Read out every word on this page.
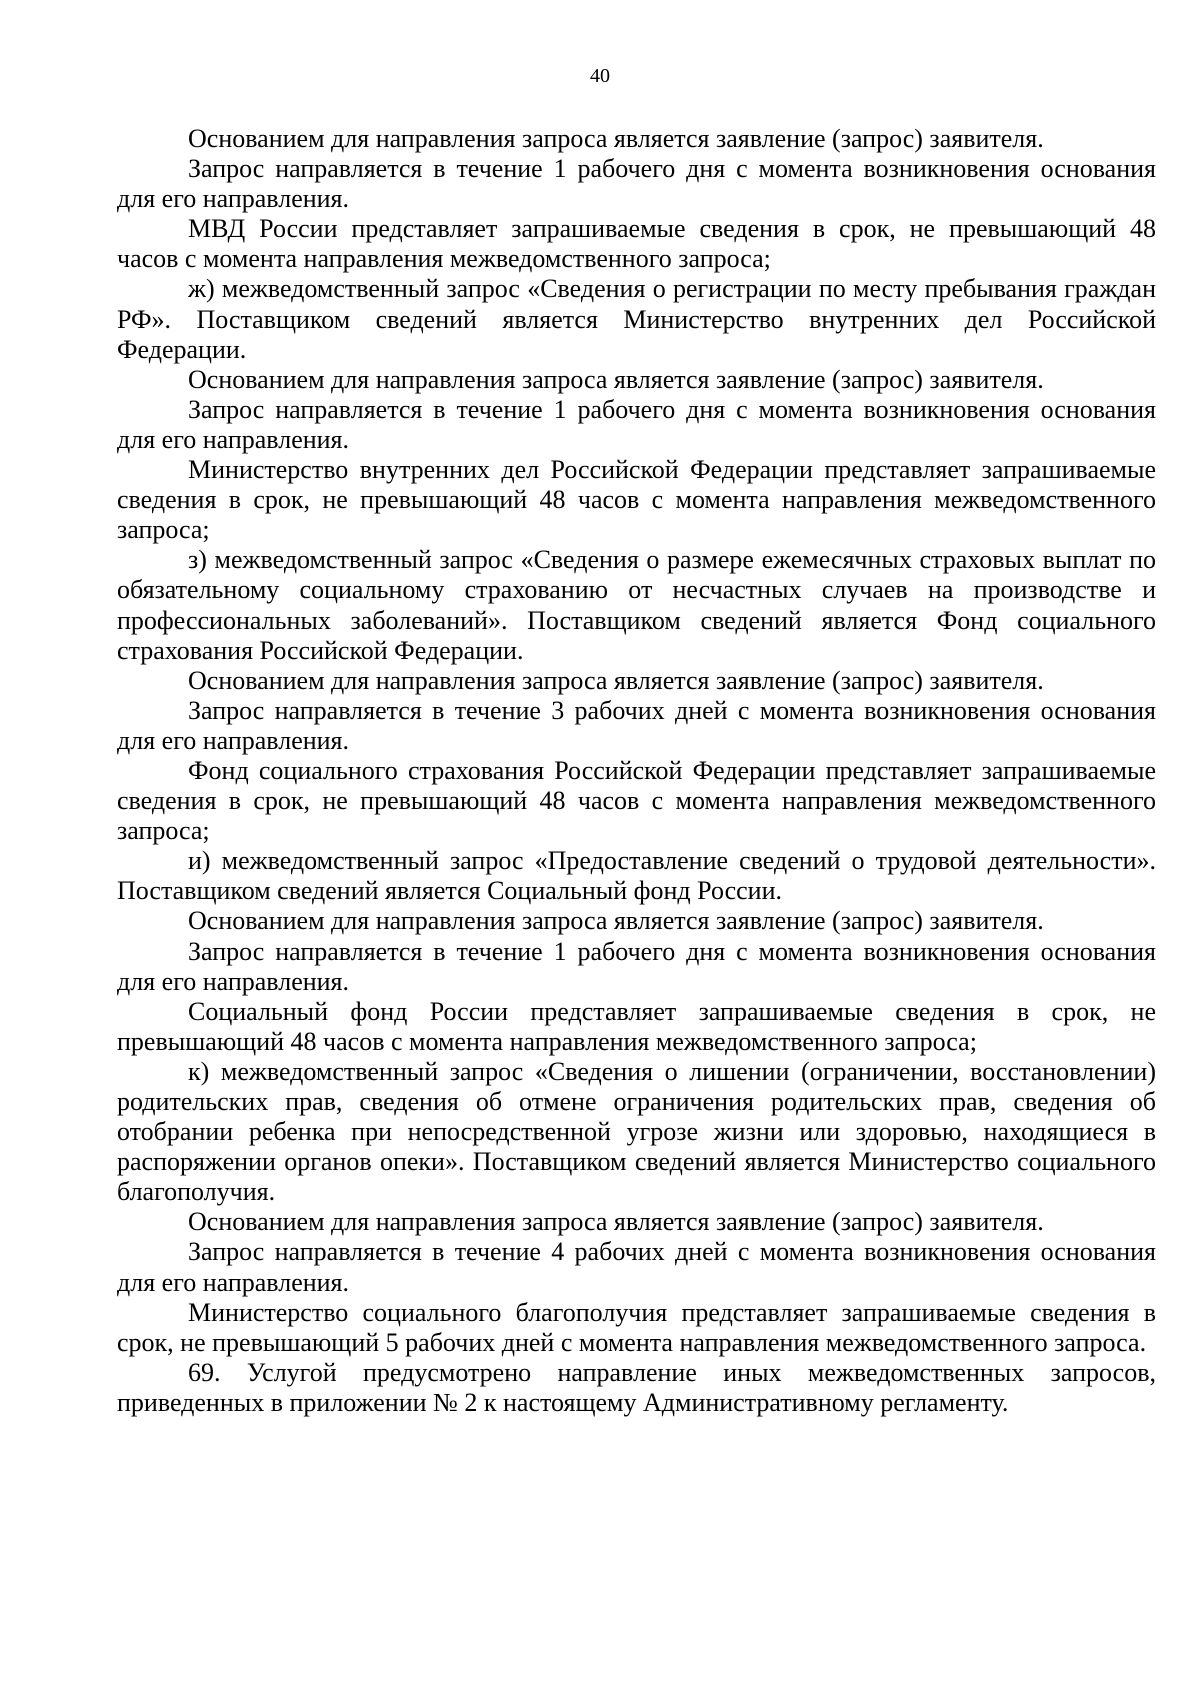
40

Основанием для направления запроса является заявление (запрос) заявителя.

Запрос направляется в течение 1 рабочего дня с момента возникновения основания для его направления.

МВД России представляет запрашиваемые сведения в срок, не превышающий 48 часов с момента направления межведомственного запроса;

ж) межведомственный запрос «Сведения о регистрации по месту пребывания граждан РФ». Поставщиком сведений является Министерство внутренних дел Российской Федерации.

Основанием для направления запроса является заявление (запрос) заявителя.

Запрос направляется в течение 1 рабочего дня с момента возникновения основания для его направления.

Министерство внутренних дел Российской Федерации представляет запрашиваемые сведения в срок, не превышающий 48 часов с момента направления межведомственного запроса;

з) межведомственный запрос «Сведения о размере ежемесячных страховых выплат по обязательному социальному страхованию от несчастных случаев на производстве и профессиональных заболеваний». Поставщиком сведений является Фонд социального страхования Российской Федерации.

Основанием для направления запроса является заявление (запрос) заявителя.

Запрос направляется в течение 3 рабочих дней с момента возникновения основания для его направления.

Фонд социального страхования Российской Федерации представляет запрашиваемые сведения в срок, не превышающий 48 часов с момента направления межведомственного запроса;

и) межведомственный запрос «Предоставление сведений о трудовой деятельности». Поставщиком сведений является Социальный фонд России.

Основанием для направления запроса является заявление (запрос) заявителя.

Запрос направляется в течение 1 рабочего дня с момента возникновения основания для его направления.

Социальный фонд России представляет запрашиваемые сведения в срок, не превышающий 48 часов с момента направления межведомственного запроса;

к) межведомственный запрос «Сведения о лишении (ограничении, восстановлении) родительских прав, сведения об отмене ограничения родительских прав, сведения об отобрании ребенка при непосредственной угрозе жизни или здоровью, находящиеся в распоряжении органов опеки». Поставщиком сведений является Министерство социального благополучия.

Основанием для направления запроса является заявление (запрос) заявителя.

Запрос направляется в течение 4 рабочих дней с момента возникновения основания для его направления.

Министерство социального благополучия представляет запрашиваемые сведения в срок, не превышающий 5 рабочих дней с момента направления межведомственного запроса.

69. Услугой предусмотрено направление иных межведомственных запросов, приведенных в приложении № 2 к настоящему Административному регламенту.
